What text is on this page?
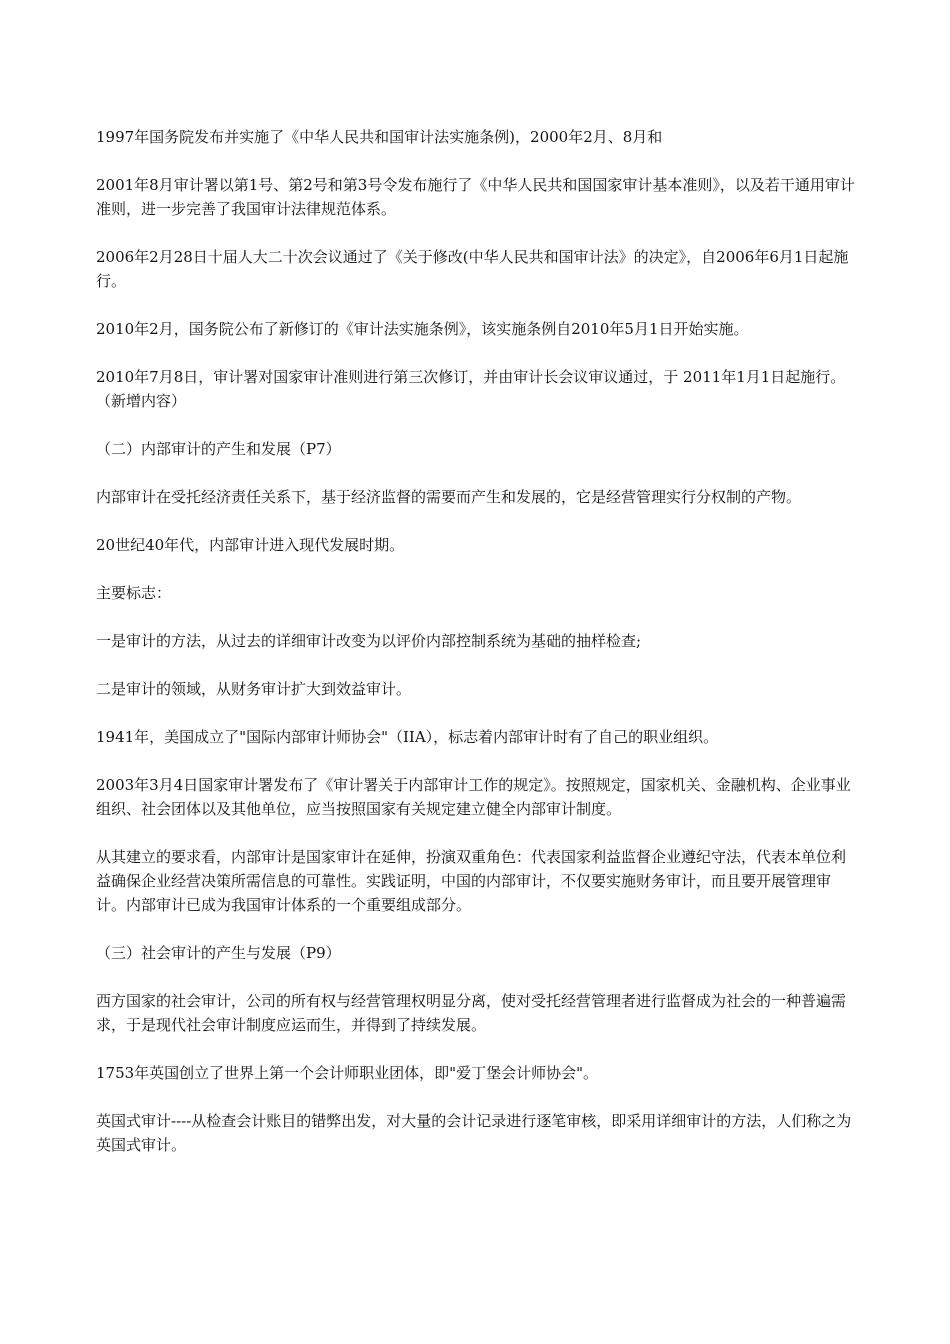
1997年国务院发布并实施了《中华人民共和国审计法实施条例)，2000年2月、8月和

2001年8月审计署以第1号、第2号和第3号令发布施行了《中华人民共和国国家审计基本准则》，以及若干通用审计准则，进一步完善了我国审计法律规范体系。

2006年2月28日十届人大二十次会议通过了《关于修改(中华人民共和国审计法》的决定》，自2006年6月1日起施行。

2010年2月，国务院公布了新修订的《审计法实施条例》，该实施条例自2010年5月1日开始实施。

2010年7月8日，审计署对国家审计准则进行第三次修订，并由审计长会议审议通过，于 2011年1月1日起施行。（新增内容）

（二）内部审计的产生和发展（P7）

内部审计在受托经济责任关系下，基于经济监督的需要而产生和发展的，它是经营管理实行分权制的产物。

20世纪40年代，内部审计进入现代发展时期。

主要标志：

一是审计的方法，从过去的详细审计改变为以评价内部控制系统为基础的抽样检查;

二是审计的领域，从财务审计扩大到效益审计。

1941年，美国成立了"国际内部审计师协会"（IIA），标志着内部审计时有了自己的职业组织。

2003年3月4日国家审计署发布了《审计署关于内部审计工作的规定》。按照规定，国家机关、金融机构、企业事业组织、社会团体以及其他单位，应当按照国家有关规定建立健全内部审计制度。

从其建立的要求看，内部审计是国家审计在延伸，扮演双重角色：代表国家利益监督企业遵纪守法，代表本单位利益确保企业经营决策所需信息的可靠性。实践证明，中国的内部审计，不仅要实施财务审计，而且要开展管理审计。内部审计已成为我国审计体系的一个重要组成部分。

（三）社会审计的产生与发展（P9）

西方国家的社会审计，公司的所有权与经营管理权明显分离，使对受托经营管理者进行监督成为社会的一种普遍需求，于是现代社会审计制度应运而生，并得到了持续发展。

1753年英国创立了世界上第一个会计师职业团体，即"爱丁堡会计师协会"。

英国式审计----从检查会计账目的错弊出发，对大量的会计记录进行逐笔审核，即采用详细审计的方法，人们称之为英国式审计。
